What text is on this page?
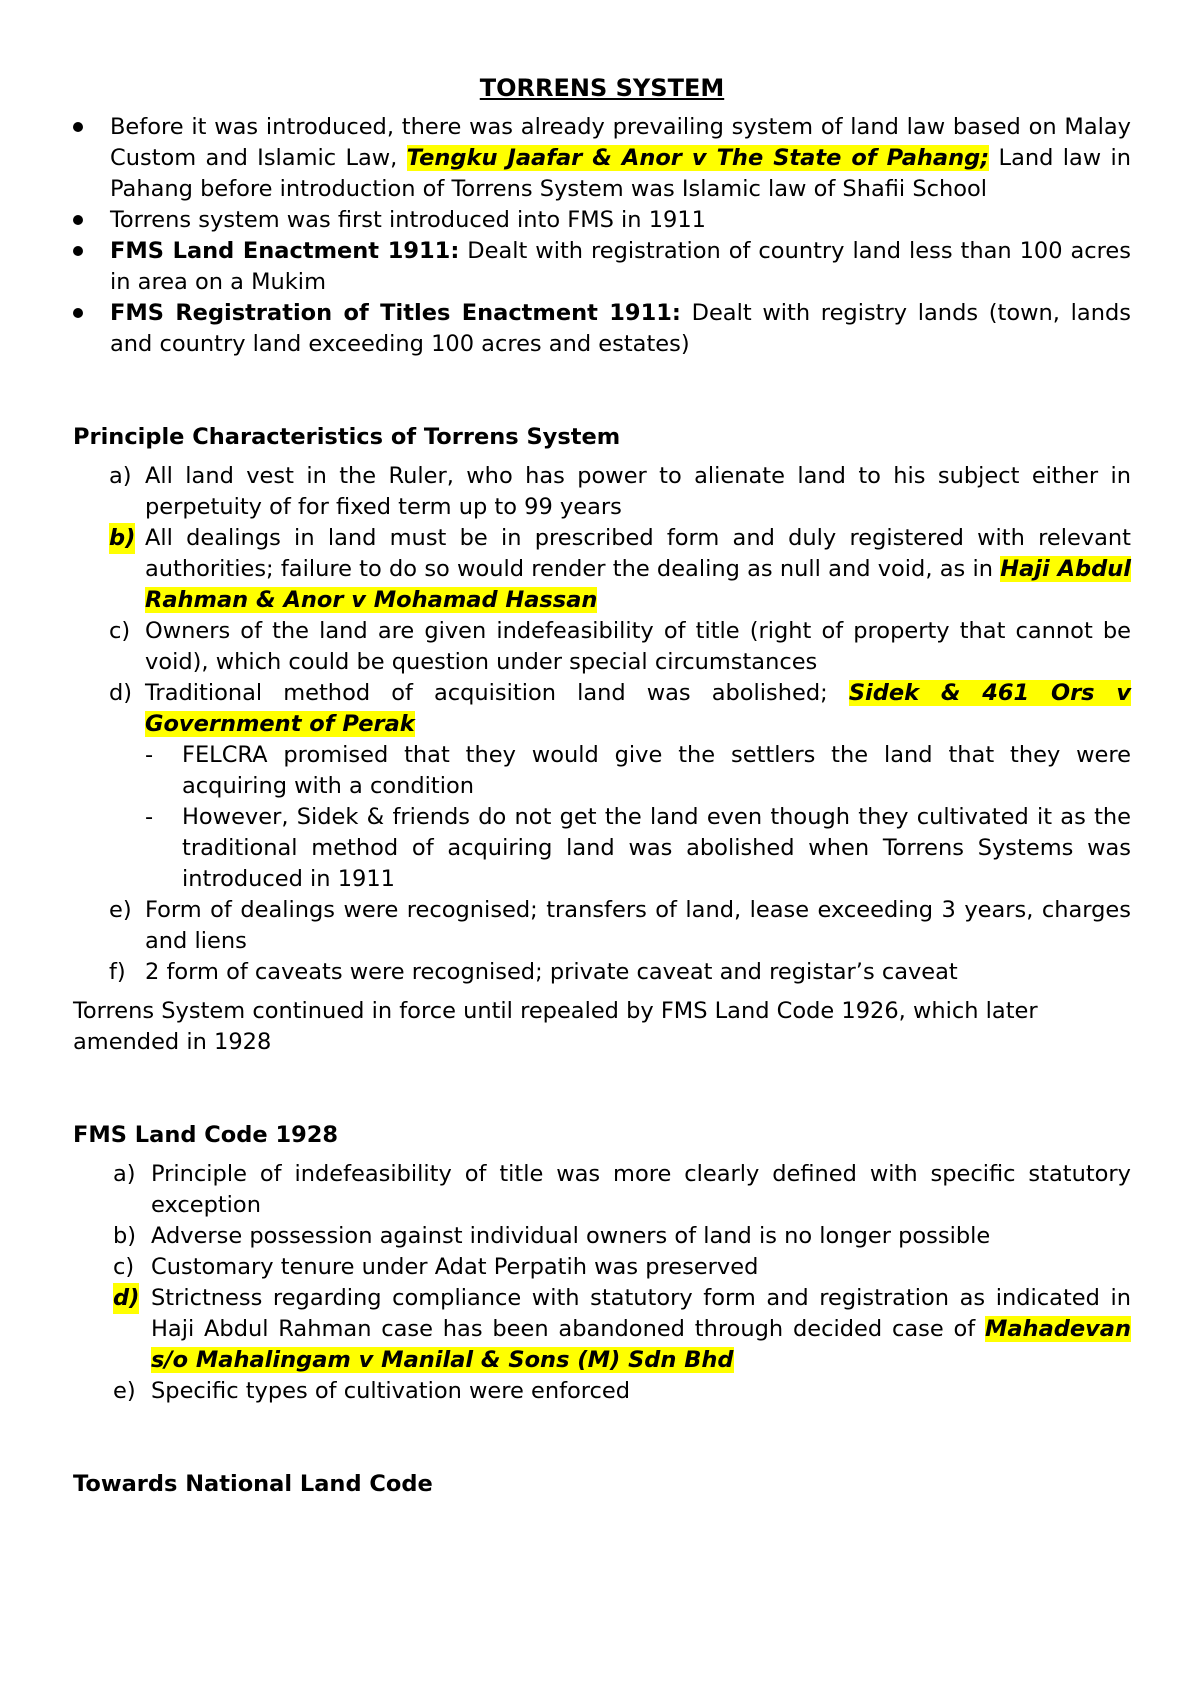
TORRENS SYSTEM
Before it was introduced, there was already prevailing system of land law based on Malay Custom and Islamic Law, Tengku Jaafar & Anor v The State of Pahang; Land law in Pahang before introduction of Torrens System was Islamic law of Shafii School
Torrens system was first introduced into FMS in 1911
FMS Land Enactment 1911: Dealt with registration of country land less than 100 acres in area on a Mukim
FMS Registration of Titles Enactment 1911: Dealt with registry lands (town, lands and country land exceeding 100 acres and estates)

Principle Characteristics of Torrens System

a) All land vest in the Ruler, who has power to alienate land to his subject either in perpetuity of for fixed term up to 99 years
b) All dealings in land must be in prescribed form and duly registered with relevant authorities; failure to do so would render the dealing as null and void, as in Haji Abdul Rahman & Anor v Mohamad Hassan
c) Owners of the land are given indefeasibility of title (right of property that cannot be void), which could be question under special circumstances
d) Traditional method of acquisition land was abolished; Sidek & 461 Ors v Government of Perak
- FELCRA promised that they would give the settlers the land that they were acquiring with a condition
- However, Sidek & friends do not get the land even though they cultivated it as the traditional method of acquiring land was abolished when Torrens Systems was introduced in 1911
e) Form of dealings were recognised; transfers of land, lease exceeding 3 years, charges and liens
f) 2 form of caveats were recognised; private caveat and registar’s caveat

Torrens System continued in force until repealed by FMS Land Code 1926, which later amended in 1928

FMS Land Code 1928

a) Principle of indefeasibility of title was more clearly defined with specific statutory exception
b) Adverse possession against individual owners of land is no longer possible
c) Customary tenure under Adat Perpatih was preserved
d) Strictness regarding compliance with statutory form and registration as indicated in Haji Abdul Rahman case has been abandoned through decided case of Mahadevan s/o Mahalingam v Manilal & Sons (M) Sdn Bhd
e) Specific types of cultivation were enforced

Towards National Land Code
